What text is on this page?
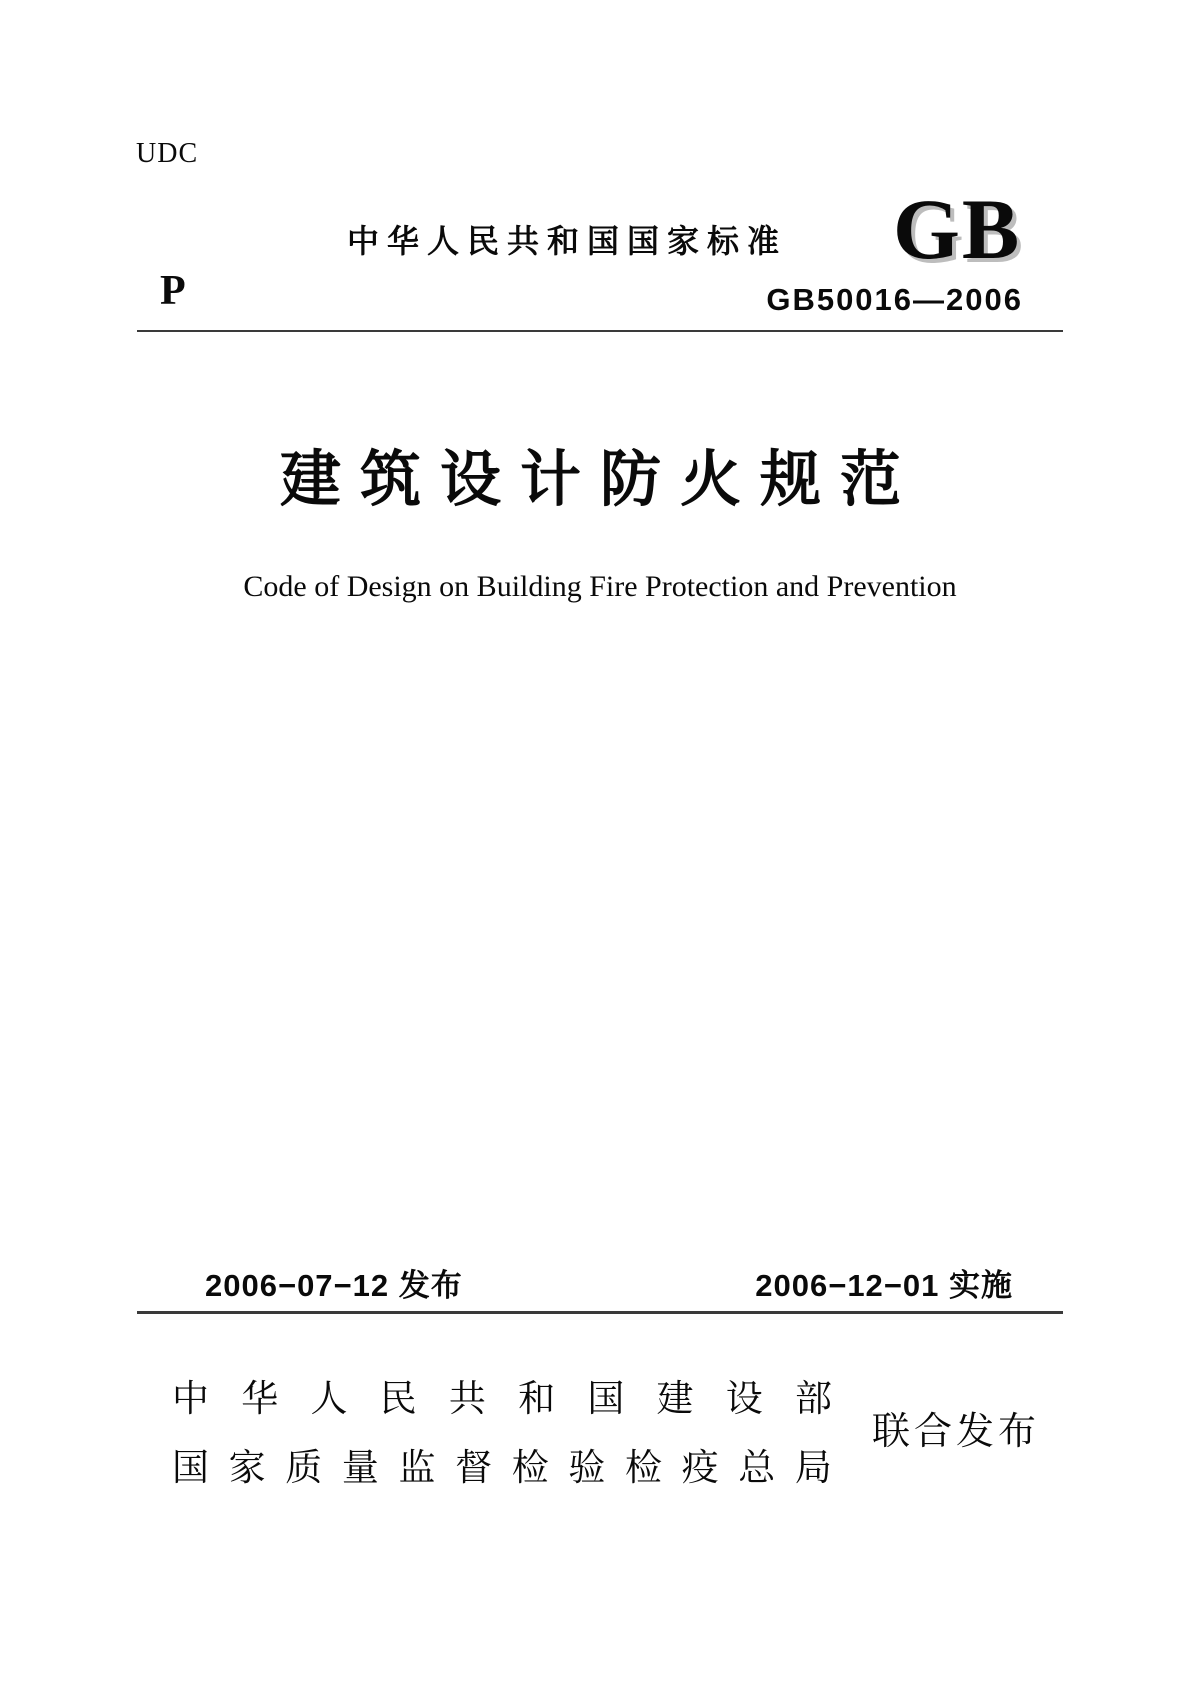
UDC
中华人民共和国国家标准 GB
P	GB50016—2006
建筑设计防火规范
Code of Design on Building Fire Protection and Prevention
2006−07−12 发布	2006−12−01 实施
中 华 人 民 共 和 国 建 设 部
国 家 质 量 监 督 检 验 检 疫 总 局
联合发布
